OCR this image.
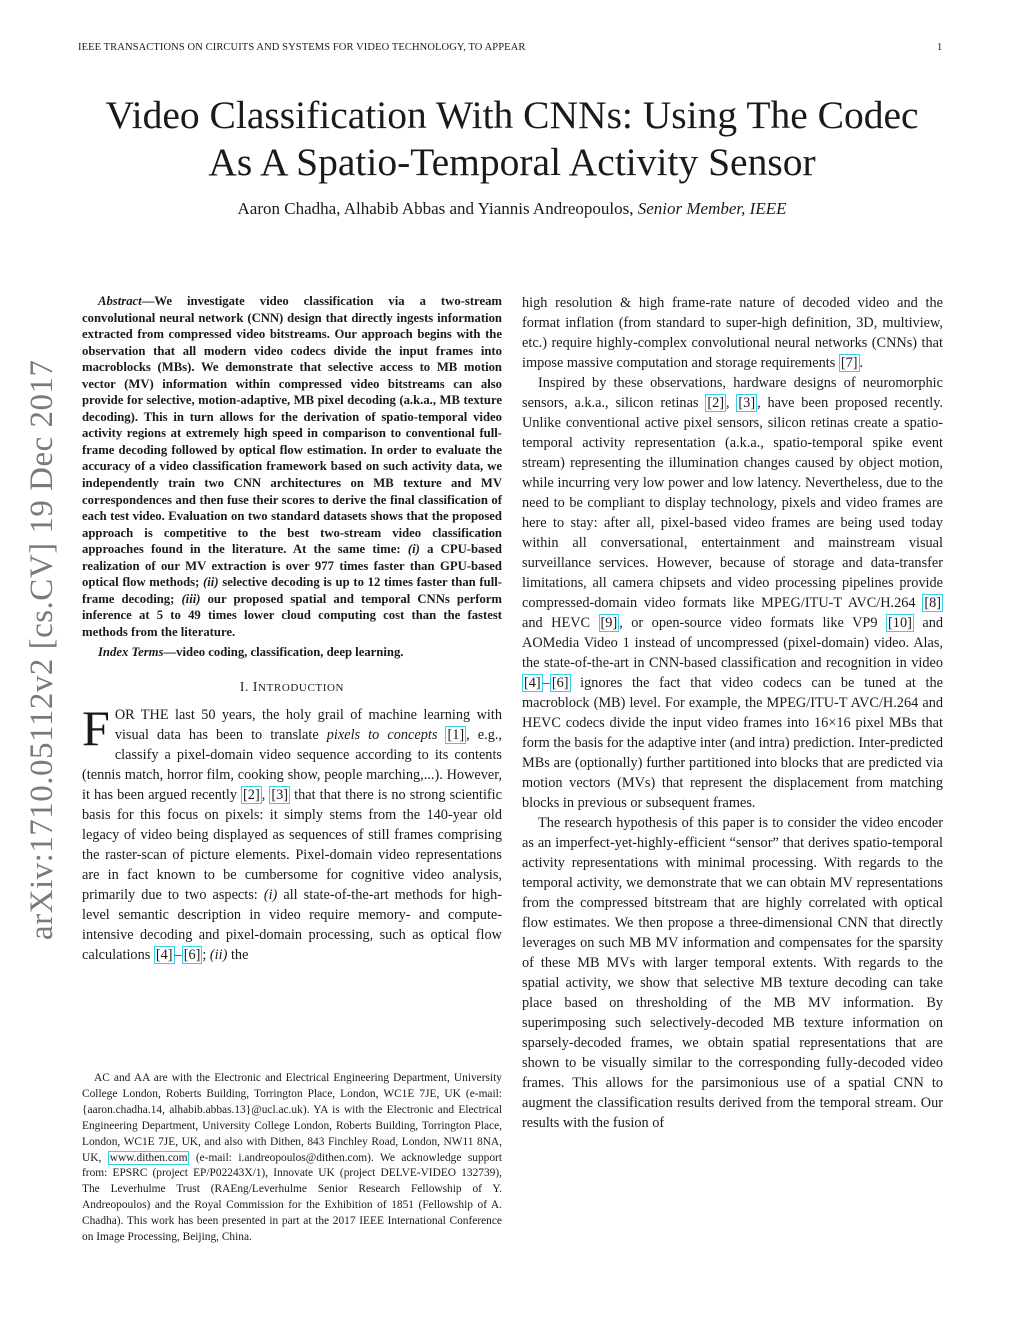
IEEE TRANSACTIONS ON CIRCUITS AND SYSTEMS FOR VIDEO TECHNOLOGY, TO APPEAR	1
arXiv:1710.05112v2 [cs.CV] 19 Dec 2017
Video Classification With CNNs: Using The Codec
As A Spatio-Temporal Activity Sensor
Aaron Chadha, Alhabib Abbas and Yiannis Andreopoulos, Senior Member, IEEE

Abstract—We investigate video classification via a two-stream convolutional neural network (CNN) design that directly ingests information extracted from compressed video bitstreams. Our approach begins with the observation that all modern video codecs divide the input frames into macroblocks (MBs). We demonstrate that selective access to MB motion vector (MV) information within compressed video bitstreams can also provide for selective, motion-adaptive, MB pixel decoding (a.k.a., MB texture decoding). This in turn allows for the derivation of spatio-temporal video activity regions at extremely high speed in comparison to conventional full-frame decoding followed by optical flow estimation. In order to evaluate the accuracy of a video classification framework based on such activity data, we independently train two CNN architectures on MB texture and MV correspondences and then fuse their scores to derive the final classification of each test video. Evaluation on two standard datasets shows that the proposed approach is competitive to the best two-stream video classification approaches found in the literature. At the same time: (i) a CPU-based realization of our MV extraction is over 977 times faster than GPU-based optical flow methods; (ii) selective decoding is up to 12 times faster than full-frame decoding; (iii) our proposed spatial and temporal CNNs perform inference at 5 to 49 times lower cloud computing cost than the fastest methods from the literature.

Index Terms—video coding, classification, deep learning.

I. INTRODUCTION

FOR THE last 50 years, the holy grail of machine learning with visual data has been to translate pixels to concepts [1] , e.g., classify a pixel-domain video sequence according to its contents (tennis match, horror film, cooking show, people marching,...). However, it has been argued recently [2] , [3] that that there is no strong scientific basis for this focus on pixels: it simply stems from the 140-year old legacy of video being displayed as sequences of still frames comprising the raster-scan of picture elements. Pixel-domain video representations are in fact known to be cumbersome for cognitive video analysis, primarily due to two aspects: (i) all state-of-the-art methods for high-level semantic description in video require memory- and compute-intensive decoding and pixel-domain processing, such as optical flow calculations [4] – [6] ; (ii) the

AC and AA are with the Electronic and Electrical Engineering Department, University College London, Roberts Building, Torrington Place, London, WC1E 7JE, UK (e-mail: {aaron.chadha.14, alhabib.abbas.13}@ucl.ac.uk). YA is with the Electronic and Electrical Engineering Department, University College London, Roberts Building, Torrington Place, London, WC1E 7JE, UK, and also with Dithen, 843 Finchley Road, London, NW11 8NA, UK, www.dithen.com (e-mail: i.andreopoulos@dithen.com). We acknowledge support from: EPSRC (project EP/P02243X/1), Innovate UK (project DELVE-VIDEO 132739), The Leverhulme Trust (RAEng/Leverhulme Senior Research Fellowship of Y. Andreopoulos) and the Royal Commission for the Exhibition of 1851 (Fellowship of A. Chadha). This work has been presented in part at the 2017 IEEE International Conference on Image Processing, Beijing, China.

high resolution & high frame-rate nature of decoded video and the format inflation (from standard to super-high definition, 3D, multiview, etc.) require highly-complex convolutional neural networks (CNNs) that impose massive computation and storage requirements [7] .

Inspired by these observations, hardware designs of neuromorphic sensors, a.k.a., silicon retinas [2] , [3] , have been proposed recently. Unlike conventional active pixel sensors, silicon retinas create a spatio-temporal activity representation (a.k.a., spatio-temporal spike event stream) representing the illumination changes caused by object motion, while incurring very low power and low latency. Nevertheless, due to the need to be compliant to display technology, pixels and video frames are here to stay: after all, pixel-based video frames are being used today within all conversational, entertainment and mainstream visual surveillance services. However, because of storage and data-transfer limitations, all camera chipsets and video processing pipelines provide compressed-domain video formats like MPEG/ITU-T AVC/H.264 [8] and HEVC [9] , or open-source video formats like VP9 [10] and AOMedia Video 1 instead of uncompressed (pixel-domain) video. Alas, the state-of-the-art in CNN-based classification and recognition in video [4] – [6] ignores the fact that video codecs can be tuned at the macroblock (MB) level. For example, the MPEG/ITU-T AVC/H.264 and HEVC codecs divide the input video frames into 16×16 pixel MBs that form the basis for the adaptive inter (and intra) prediction. Inter-predicted MBs are (optionally) further partitioned into blocks that are predicted via motion vectors (MVs) that represent the displacement from matching blocks in previous or subsequent frames.

The research hypothesis of this paper is to consider the video encoder as an imperfect-yet-highly-efficient “sensor” that derives spatio-temporal activity representations with minimal processing. With regards to the temporal activity, we demonstrate that we can obtain MV representations from the compressed bitstream that are highly correlated with optical flow estimates. We then propose a three-dimensional CNN that directly leverages on such MB MV information and compensates for the sparsity of these MB MVs with larger temporal extents. With regards to the spatial activity, we show that selective MB texture decoding can take place based on thresholding of the MB MV information. By superimposing such selectively-decoded MB texture information on sparsely-decoded frames, we obtain spatial representations that are shown to be visually similar to the corresponding fully-decoded video frames. This allows for the parsimonious use of a spatial CNN to augment the classification results derived from the temporal stream. Our results with the fusion of
